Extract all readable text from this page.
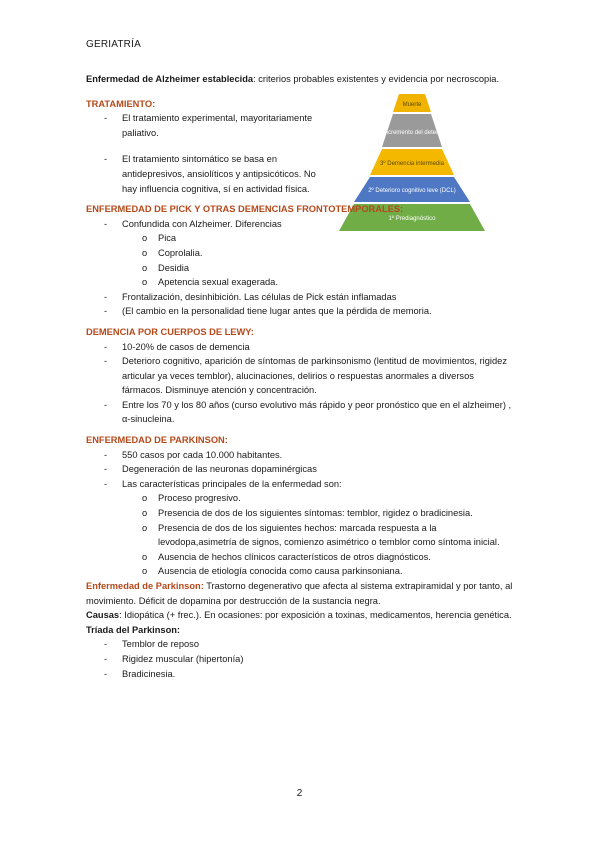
GERIATRÍA
Muerte
4º Incremento del deterioro
3º Demencia intermedia
2º Deterioro cognitivo leve (DCL)
1º Prediagnóstico

Enfermedad de Alzheimer establecida: criterios probables existentes y evidencia por necroscopia.

TRATAMIENTO:

- El tratamiento experimental, mayoritariamente paliativo.
- El tratamiento sintomático se basa en antidepresivos, ansiolíticos y antipsicóticos. No hay influencia cognitiva, sí en actividad física.

ENFERMEDAD DE PICK Y OTRAS DEMENCIAS FRONTOTEMPORALES:

- Confundida con Alzheimer. Diferencias
o Pica
o Coprolalia.
o Desidia
o Apetencia sexual exagerada.
- Frontalización, desinhibición. Las células de Pick están inflamadas
- (El cambio en la personalidad tiene lugar antes que la pérdida de memoria.

DEMENCIA POR CUERPOS DE LEWY:

- 10-20% de casos de demencia
- Deterioro cognitivo, aparición de síntomas de parkinsonismo (lentitud de movimientos, rigidez articular ya veces temblor), alucinaciones, delirios o respuestas anormales a diversos fármacos. Disminuye atención y concentración.
- Entre los 70 y los 80 años (curso evolutivo más rápido y peor pronóstico que en el alzheimer) , α-sinucleina.

ENFERMEDAD DE PARKINSON:

- 550 casos por cada 10.000 habitantes.
- Degeneración de las neuronas dopaminérgicas
- Las características principales de la enfermedad son:
o Proceso progresivo.
o Presencia de dos de los siguientes síntomas: temblor, rigidez o bradicinesia.
o Presencia de dos de los siguientes hechos: marcada respuesta a la levodopa,asimetría de signos, comienzo asimétrico o temblor como síntoma inicial.
o Ausencia de hechos clínicos característicos de otros diagnósticos.
o Ausencia de etiología conocida como causa parkinsoniana.

Enfermedad de Parkinson: Trastorno degenerativo que afecta al sistema extrapiramidal y por tanto, al movimiento. Déficit de dopamina por destrucción de la sustancia negra.

Causas: Idiopática (+ frec.). En ocasiones: por exposición a toxinas, medicamentos, herencia genética.

Tríada del Parkinson:

- Temblor de reposo
- Rigidez muscular (hipertonía)
- Bradicinesia.
2
